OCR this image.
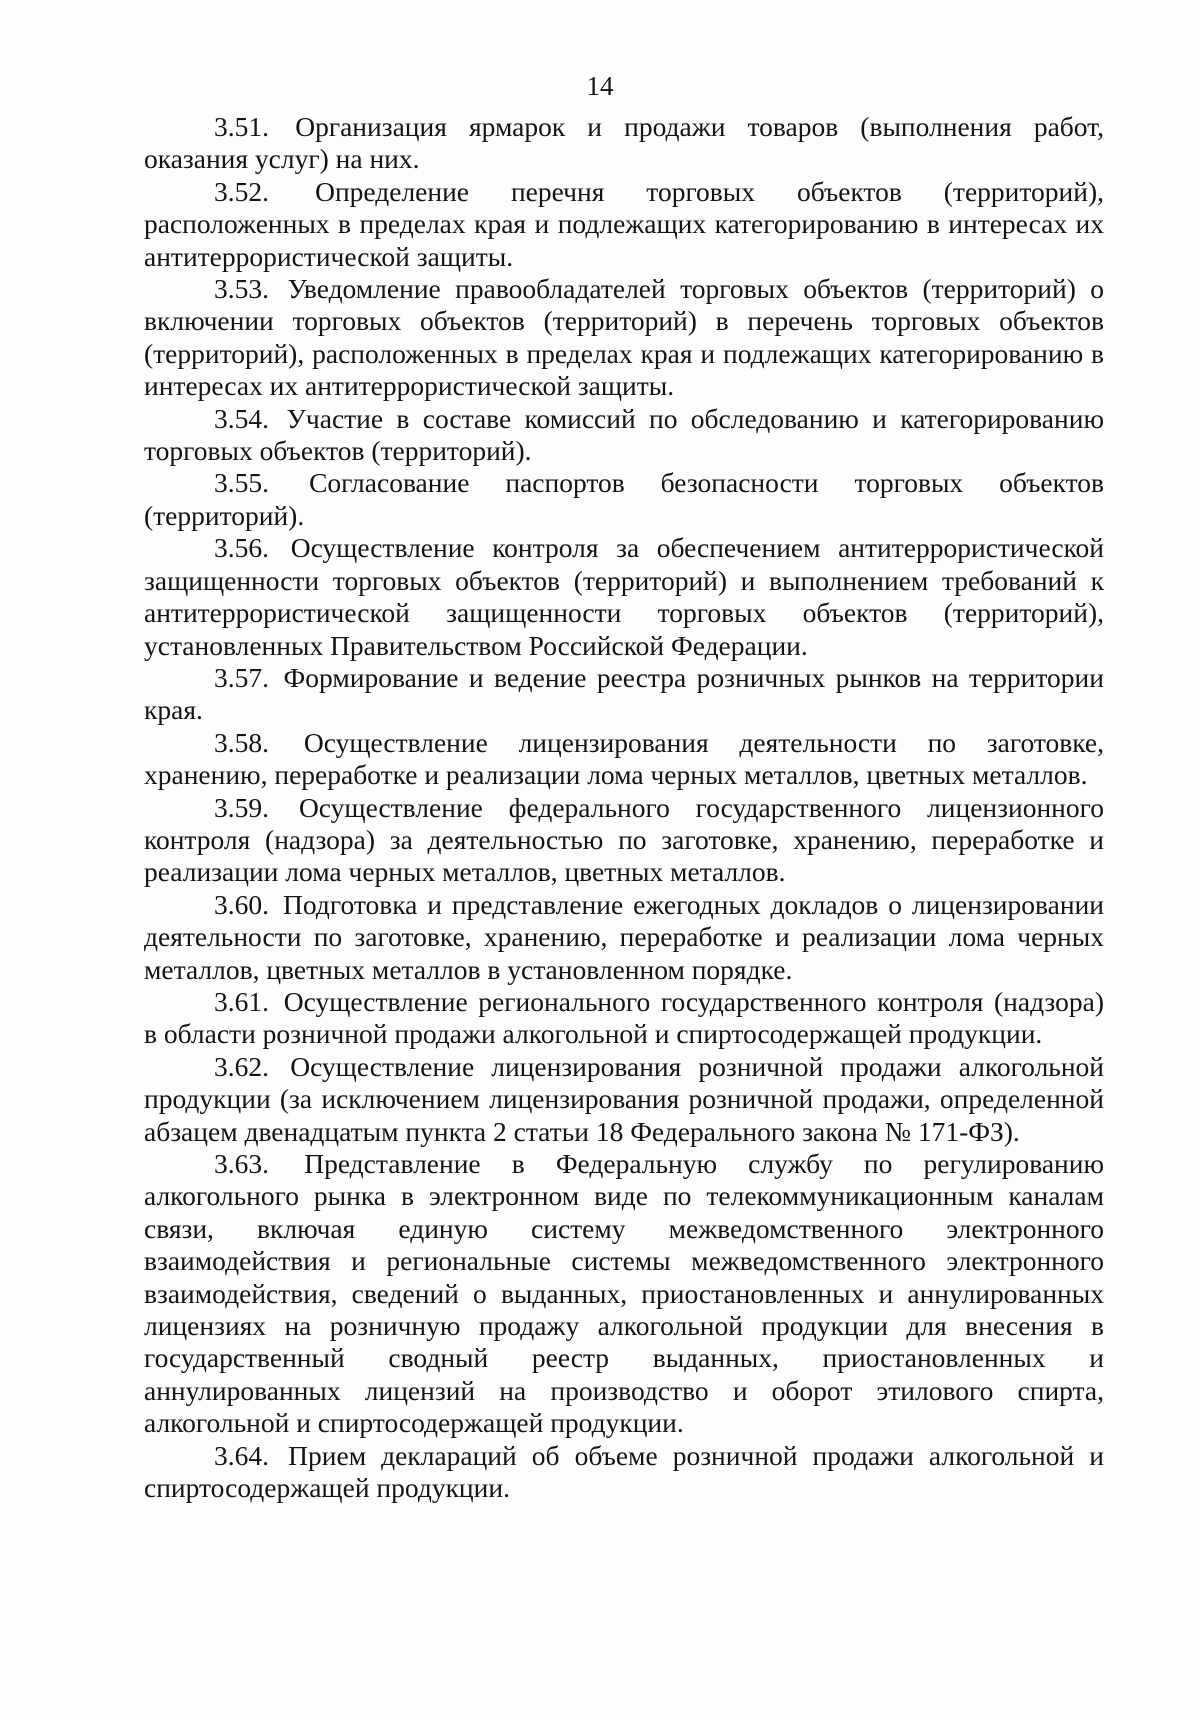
14

3.51. Организация ярмарок и продажи товаров (выполнения работ, оказания услуг) на них.

3.52. Определение перечня торговых объектов (территорий), расположенных в пределах края и подлежащих категорированию в интересах их антитеррористической защиты.

3.53. Уведомление правообладателей торговых объектов (территорий) о включении торговых объектов (территорий) в перечень торговых объектов (территорий), расположенных в пределах края и подлежащих категорированию в интересах их антитеррористической защиты.

3.54. Участие в составе комиссий по обследованию и категорированию торговых объектов (территорий).

3.55. Согласование паспортов безопасности торговых объектов (территорий).

3.56. Осуществление контроля за обеспечением антитеррористической защищенности торговых объектов (территорий) и выполнением требований к антитеррористической защищенности торговых объектов (территорий), установленных Правительством Российской Федерации.

3.57. Формирование и ведение реестра розничных рынков на территории края.

3.58. Осуществление лицензирования деятельности по заготовке, хранению, переработке и реализации лома черных металлов, цветных металлов.

3.59. Осуществление федерального государственного лицензионного контроля (надзора) за деятельностью по заготовке, хранению, переработке и реализации лома черных металлов, цветных металлов.

3.60. Подготовка и представление ежегодных докладов о лицензировании деятельности по заготовке, хранению, переработке и реализации лома черных металлов, цветных металлов в установленном порядке.

3.61. Осуществление регионального государственного контроля (надзора) в области розничной продажи алкогольной и спиртосодержащей продукции.

3.62. Осуществление лицензирования розничной продажи алкогольной продукции (за исключением лицензирования розничной продажи, определенной абзацем двенадцатым пункта 2 статьи 18 Федерального закона № 171-ФЗ).

3.63. Представление в Федеральную службу по регулированию алкогольного рынка в электронном виде по телекоммуникационным каналам связи, включая единую систему межведомственного электронного взаимодействия и региональные системы межведомственного электронного взаимодействия, сведений о выданных, приостановленных и аннулированных лицензиях на розничную продажу алкогольной продукции для внесения в государственный сводный реестр выданных, приостановленных и аннулированных лицензий на производство и оборот этилового спирта, алкогольной и спиртосодержащей продукции.

3.64. Прием деклараций об объеме розничной продажи алкогольной и спиртосодержащей продукции.
